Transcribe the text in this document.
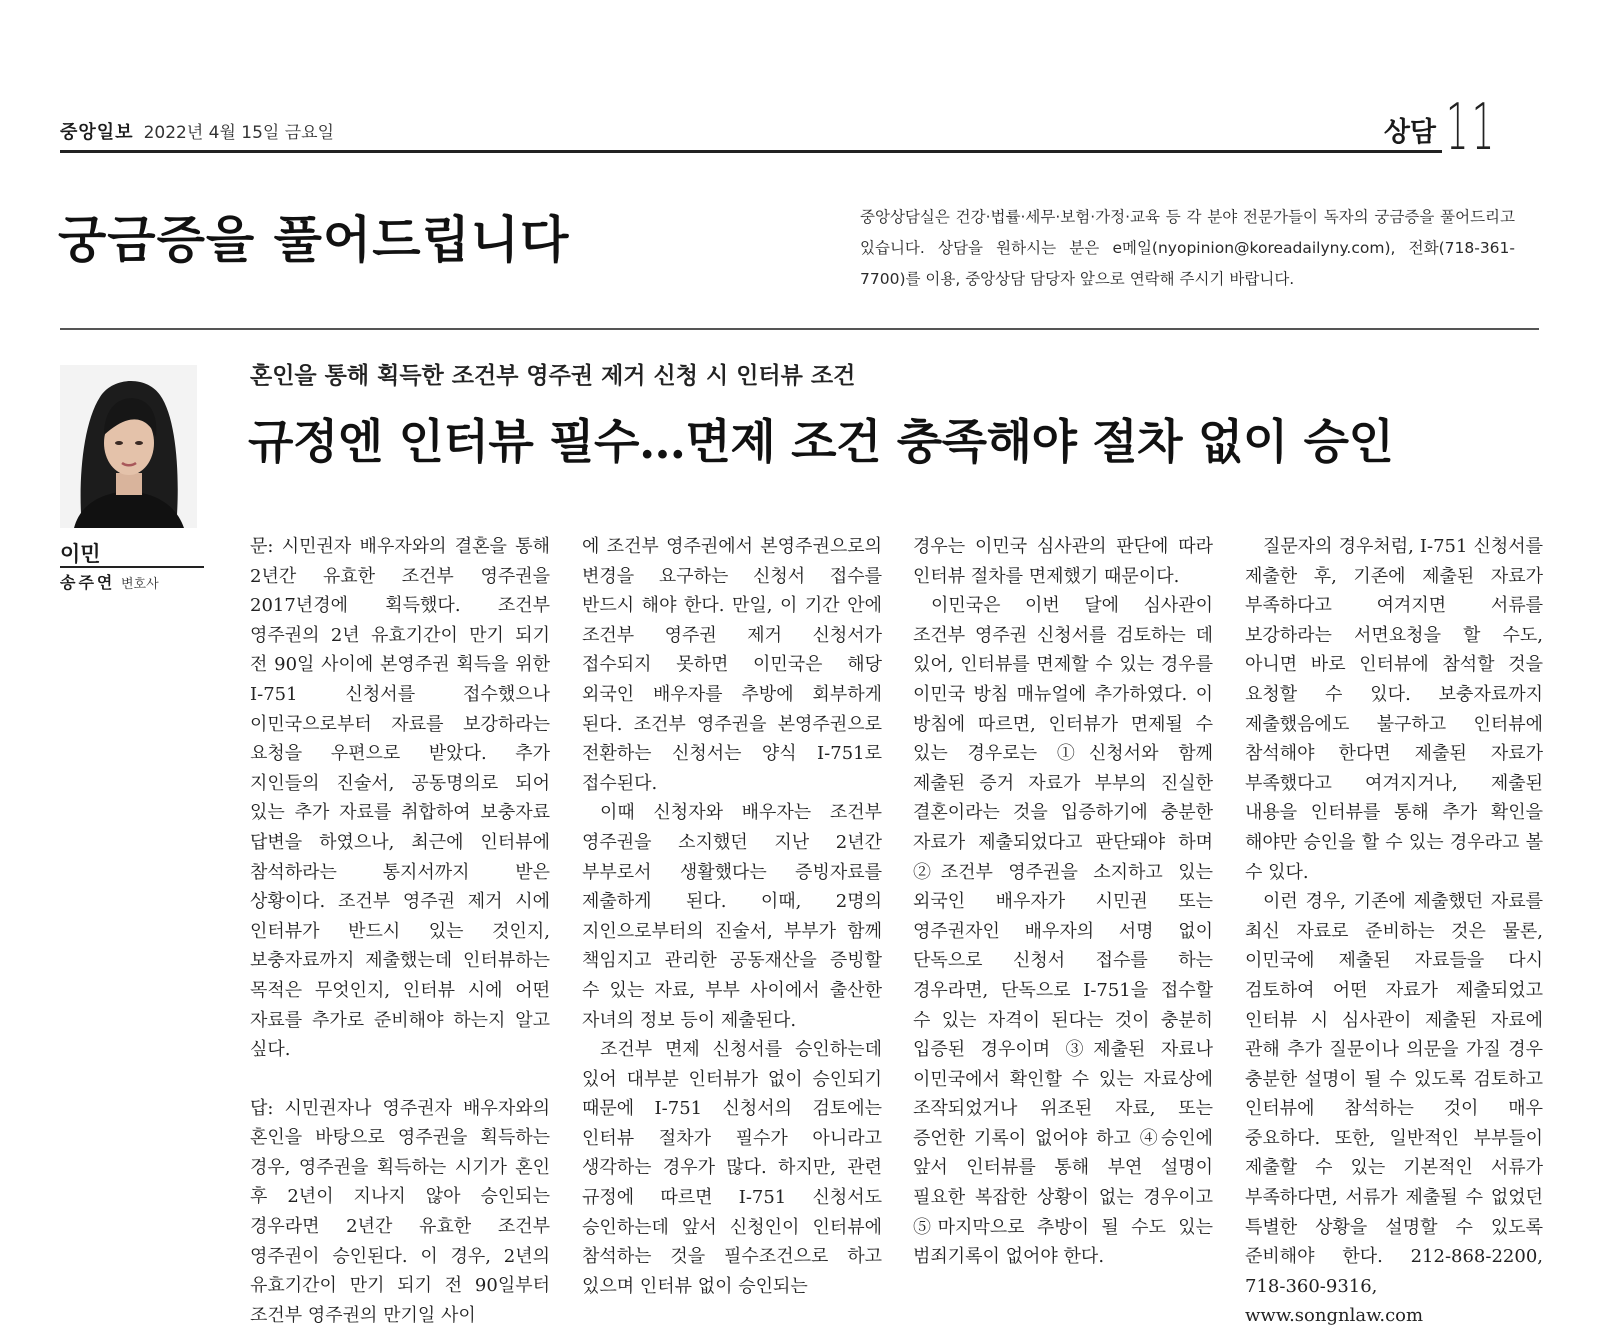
중앙일보 2022년 4월 15일 금요일	상담 11
궁금증을 풀어드립니다	중앙상담실은 건강·법률·세무·보험·가정·교육 등 각 분야 전문가들이 독자의 궁금증을 풀어드리고 있습니다. 상담을 원하시는 분은 e메일(nyopinion@koreadailyny.com), 전화(718-361-7700)를 이용, 중앙상담 담당자 앞으로 연락해 주시기 바랍니다.
이민
송주연 변호사
혼인을 통해 획득한 조건부 영주권 제거 신청 시 인터뷰 조건
규정엔 인터뷰 필수…면제 조건 충족해야 절차 없이 승인

문: 시민권자 배우자와의 결혼을 통해 2년간 유효한 조건부 영주권을 2017년경에 획득했다. 조건부 영주권의 2년 유효기간이 만기 되기 전 90일 사이에 본영주권 획득을 위한 I-751 신청서를 접수했으나 이민국으로부터 자료를 보강하라는 요청을 우편으로 받았다. 추가 지인들의 진술서, 공동명의로 되어 있는 추가 자료를 취합하여 보충자료 답변을 하였으나, 최근에 인터뷰에 참석하라는 통지서까지 받은 상황이다. 조건부 영주권 제거 시에 인터뷰가 반드시 있는 것인지, 보충자료까지 제출했는데 인터뷰하는 목적은 무엇인지, 인터뷰 시에 어떤 자료를 추가로 준비해야 하는지 알고 싶다.

답: 시민권자나 영주권자 배우자와의 혼인을 바탕으로 영주권을 획득하는 경우, 영주권을 획득하는 시기가 혼인 후 2년이 지나지 않아 승인되는 경우라면 2년간 유효한 조건부 영주권이 승인된다. 이 경우, 2년의 유효기간이 만기 되기 전 90일부터 조건부 영주권의 만기일 사이

에 조건부 영주권에서 본영주권으로의 변경을 요구하는 신청서 접수를 반드시 해야 한다. 만일, 이 기간 안에 조건부 영주권 제거 신청서가 접수되지 못하면 이민국은 해당 외국인 배우자를 추방에 회부하게 된다. 조건부 영주권을 본영주권으로 전환하는 신청서는 양식 I-751로 접수된다.

이때 신청자와 배우자는 조건부 영주권을 소지했던 지난 2년간 부부로서 생활했다는 증빙자료를 제출하게 된다. 이때, 2명의 지인으로부터의 진술서, 부부가 함께 책임지고 관리한 공동재산을 증빙할 수 있는 자료, 부부 사이에서 출산한 자녀의 정보 등이 제출된다.

조건부 면제 신청서를 승인하는데 있어 대부분 인터뷰가 없이 승인되기 때문에 I-751 신청서의 검토에는 인터뷰 절차가 필수가 아니라고 생각하는 경우가 많다. 하지만, 관련 규정에 따르면 I-751 신청서도 승인하는데 앞서 신청인이 인터뷰에 참석하는 것을 필수조건으로 하고 있으며 인터뷰 없이 승인되는

경우는 이민국 심사관의 판단에 따라 인터뷰 절차를 면제했기 때문이다.

이민국은 이번 달에 심사관이 조건부 영주권 신청서를 검토하는 데 있어, 인터뷰를 면제할 수 있는 경우를 이민국 방침 매뉴얼에 추가하였다. 이 방침에 따르면, 인터뷰가 면제될 수 있는 경우로는 ①신청서와 함께 제출된 증거 자료가 부부의 진실한 결혼이라는 것을 입증하기에 충분한 자료가 제출되었다고 판단돼야 하며 ②조건부 영주권을 소지하고 있는 외국인 배우자가 시민권 또는 영주권자인 배우자의 서명 없이 단독으로 신청서 접수를 하는 경우라면, 단독으로 I-751을 접수할 수 있는 자격이 된다는 것이 충분히 입증된 경우이며 ③제출된 자료나 이민국에서 확인할 수 있는 자료상에 조작되었거나 위조된 자료, 또는 증언한 기록이 없어야 하고 ④승인에 앞서 인터뷰를 통해 부연 설명이 필요한 복잡한 상황이 없는 경우이고 ⑤마지막으로 추방이 될 수도 있는 범죄기록이 없어야 한다.

질문자의 경우처럼, I-751 신청서를 제출한 후, 기존에 제출된 자료가 부족하다고 여겨지면 서류를 보강하라는 서면요청을 할 수도, 아니면 바로 인터뷰에 참석할 것을 요청할 수 있다. 보충자료까지 제출했음에도 불구하고 인터뷰에 참석해야 한다면 제출된 자료가 부족했다고 여겨지거나, 제출된 내용을 인터뷰를 통해 추가 확인을 해야만 승인을 할 수 있는 경우라고 볼 수 있다.

이런 경우, 기존에 제출했던 자료를 최신 자료로 준비하는 것은 물론, 이민국에 제출된 자료들을 다시 검토하여 어떤 자료가 제출되었고 인터뷰 시 심사관이 제출된 자료에 관해 추가 질문이나 의문을 가질 경우 충분한 설명이 될 수 있도록 검토하고 인터뷰에 참석하는 것이 매우 중요하다. 또한, 일반적인 부부들이 제출할 수 있는 기본적인 서류가 부족하다면, 서류가 제출될 수 없었던 특별한 상황을 설명할 수 있도록 준비해야 한다. 212-868-2200, 718-360-9316, www.songnlaw.com
